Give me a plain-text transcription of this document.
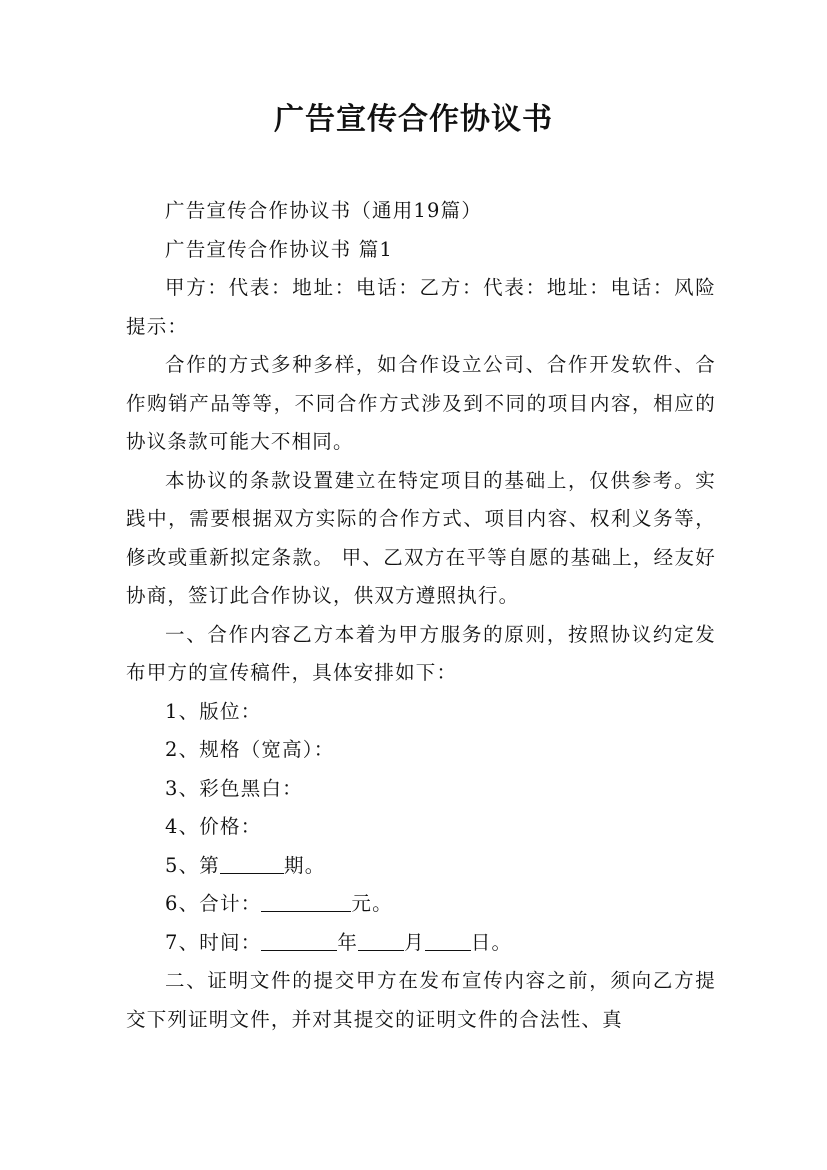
广告宣传合作协议书

广告宣传合作协议书（通用19篇）

广告宣传合作协议书 篇1

甲方：代表：地址：电话：乙方：代表：地址：电话：风险提示：

合作的方式多种多样，如合作设立公司、合作开发软件、合作购销产品等等，不同合作方式涉及到不同的项目内容，相应的协议条款可能大不相同。

本协议的条款设置建立在特定项目的基础上，仅供参考。实践中，需要根据双方实际的合作方式、项目内容、权利义务等，修改或重新拟定条款。 甲、乙双方在平等自愿的基础上，经友好协商，签订此合作协议，供双方遵照执行。

一、合作内容乙方本着为甲方服务的原则，按照协议约定发布甲方的宣传稿件，具体安排如下：

1、版位：

2、规格（宽高）：

3、彩色黑白：

4、价格：

5、第	期。

6、合计：	元。

7、时间：	年 月 日。

二、证明文件的提交甲方在发布宣传内容之前，须向乙方提交下列证明文件，并对其提交的证明文件的合法性、真
